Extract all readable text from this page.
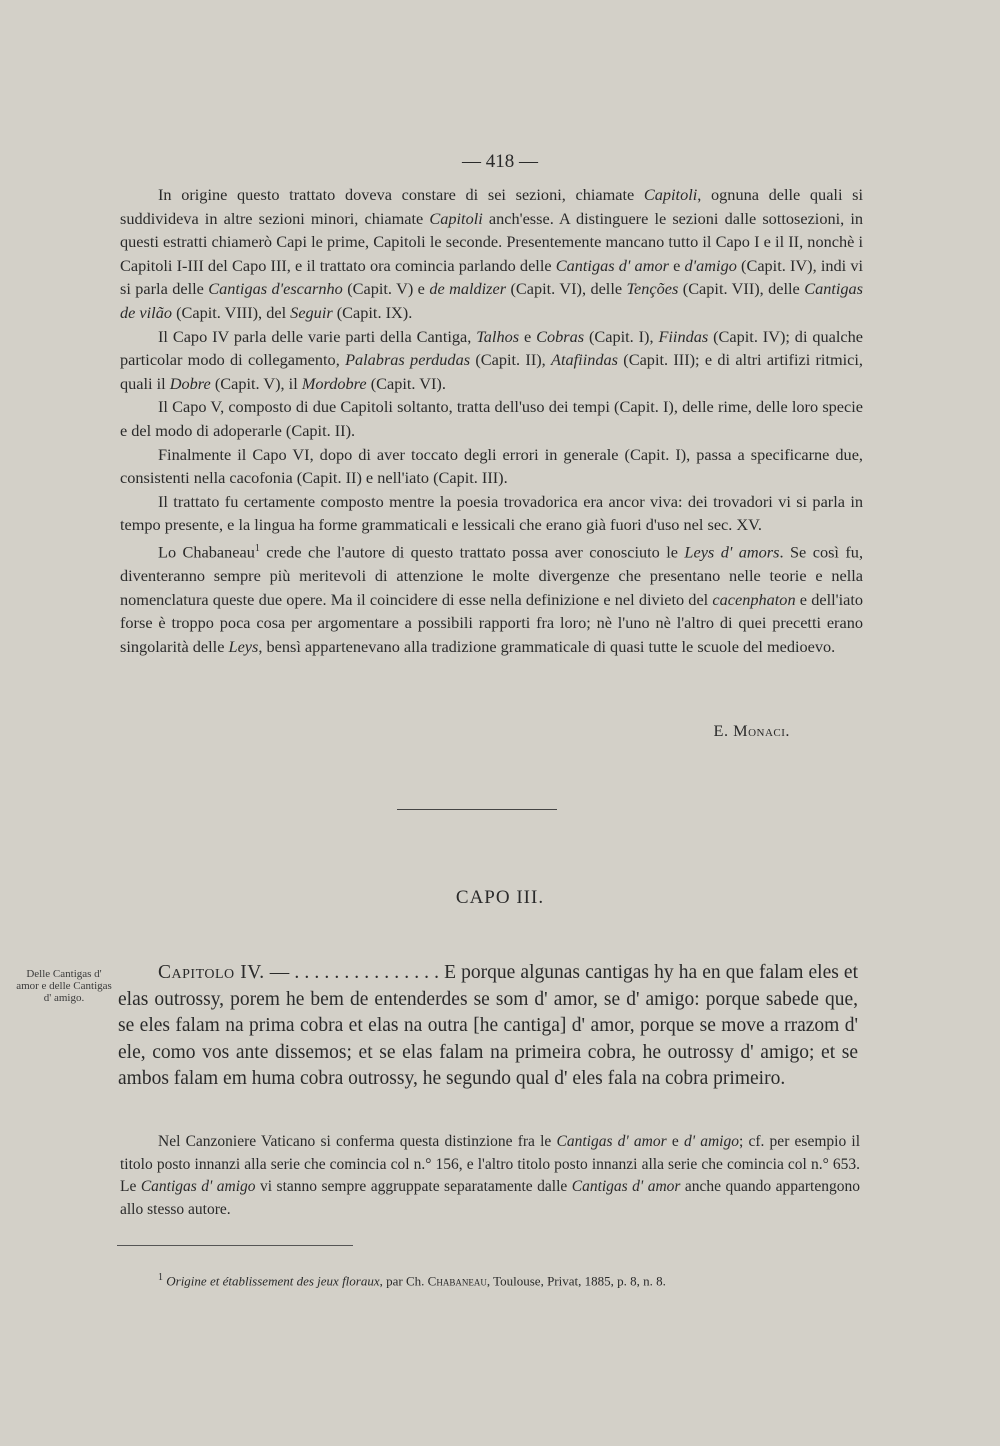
— 418 —

In origine questo trattato doveva constare di sei sezioni, chiamate Capitoli, ognuna delle quali si suddivideva in altre sezioni minori, chiamate Capitoli anch'esse. A distinguere le sezioni dalle sottosezioni, in questi estratti chiamerò Capi le prime, Capitoli le seconde. Presentemente mancano tutto il Capo I e il II, nonchè i Capitoli I-III del Capo III, e il trattato ora comincia parlando delle Cantigas d' amor e d'amigo (Capit. IV), indi vi si parla delle Cantigas d'escarnho (Capit. V) e de maldizer (Capit. VI), delle Tenções (Capit. VII), delle Cantigas de vilão (Capit. VIII), del Seguir (Capit. IX).

Il Capo IV parla delle varie parti della Cantiga, Talhos e Cobras (Capit. I), Fiindas (Capit. IV); di qualche particolar modo di collegamento, Palabras perdudas (Capit. II), Atafiindas (Capit. III); e di altri artifizi ritmici, quali il Dobre (Capit. V), il Mordobre (Capit. VI).

Il Capo V, composto di due Capitoli soltanto, tratta dell'uso dei tempi (Capit. I), delle rime, delle loro specie e del modo di adoperarle (Capit. II).

Finalmente il Capo VI, dopo di aver toccato degli errori in generale (Capit. I), passa a specificarne due, consistenti nella cacofonia (Capit. II) e nell'iato (Capit. III).

Il trattato fu certamente composto mentre la poesia trovadorica era ancor viva: dei trovadori vi si parla in tempo presente, e la lingua ha forme grammaticali e lessicali che erano già fuori d'uso nel sec. XV.

Lo Chabaneau$^1$ crede che l'autore di questo trattato possa aver conosciuto le Leys d' amors. Se così fu, diventeranno sempre più meritevoli di attenzione le molte divergenze che presentano nelle teorie e nella nomenclatura queste due opere. Ma il coincidere di esse nella definizione e nel divieto del cacenphaton e dell'iato forse è troppo poca cosa per argomentare a possibili rapporti fra loro; nè l'uno nè l'altro di quei precetti erano singolarità delle Leys, bensì appartenevano alla tradizione grammaticale di quasi tutte le scuole del medioevo.

E. Monaci.
CAPO III.
Delle Cantigas d' amor e delle Cantigas d' amigo.
Capitolo IV. — . . . . . . . . . . . . . . . E porque algunas cantigas hy ha en que falam eles et elas outrossy, porem he bem de entenderdes se som d' amor, se d' amigo: porque sabede que, se eles falam na prima cobra et elas na outra [he cantiga] d' amor, porque se move a rrazom d' ele, como vos ante dissemos; et se elas falam na primeira cobra, he outrossy d' amigo; et se ambos falam em huma cobra outrossy, he segundo qual d' eles fala na cobra primeiro.
Nel Canzoniere Vaticano si conferma questa distinzione fra le Cantigas d' amor e d' amigo; cf. per esempio il titolo posto innanzi alla serie che comincia col n.° 156, e l'altro titolo posto innanzi alla serie che comincia col n.° 653. Le Cantigas d' amigo vi stanno sempre aggruppate separatamente dalle Cantigas d' amor anche quando appartengono allo stesso autore.
$^1$ Origine et établissement des jeux floraux, par Ch. Chabaneau, Toulouse, Privat, 1885, p. 8, n. 8.
